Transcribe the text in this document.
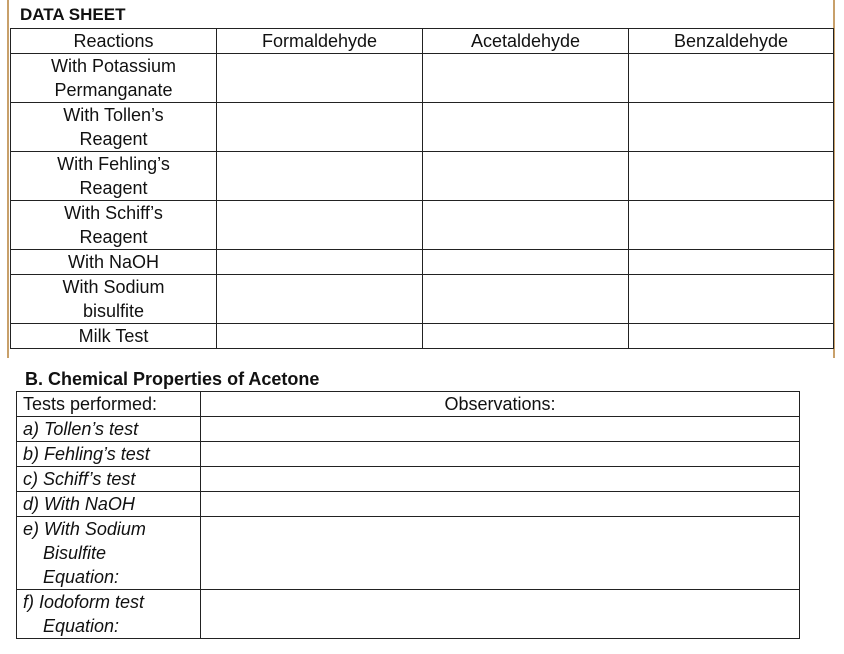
DATA SHEET
Reactions	Formaldehyde	Acetaldehyde	Benzaldehyde

With Potassium
Permanganate			

With Tollen’s
Reagent			

With Fehling’s
Reagent			

With Schiff’s
Reagent			

With NaOH			

With Sodium
bisulfite			

Milk Test			

B. Chemical Properties of Acetone
Tests performed:	Observations:
a) Tollen’s test	
b) Fehling’s test	
c) Schiff’s test	
d) With NaOH	
e) With Sodium
Bisulfite
Equation:	

f) Iodoform test
Equation:	
